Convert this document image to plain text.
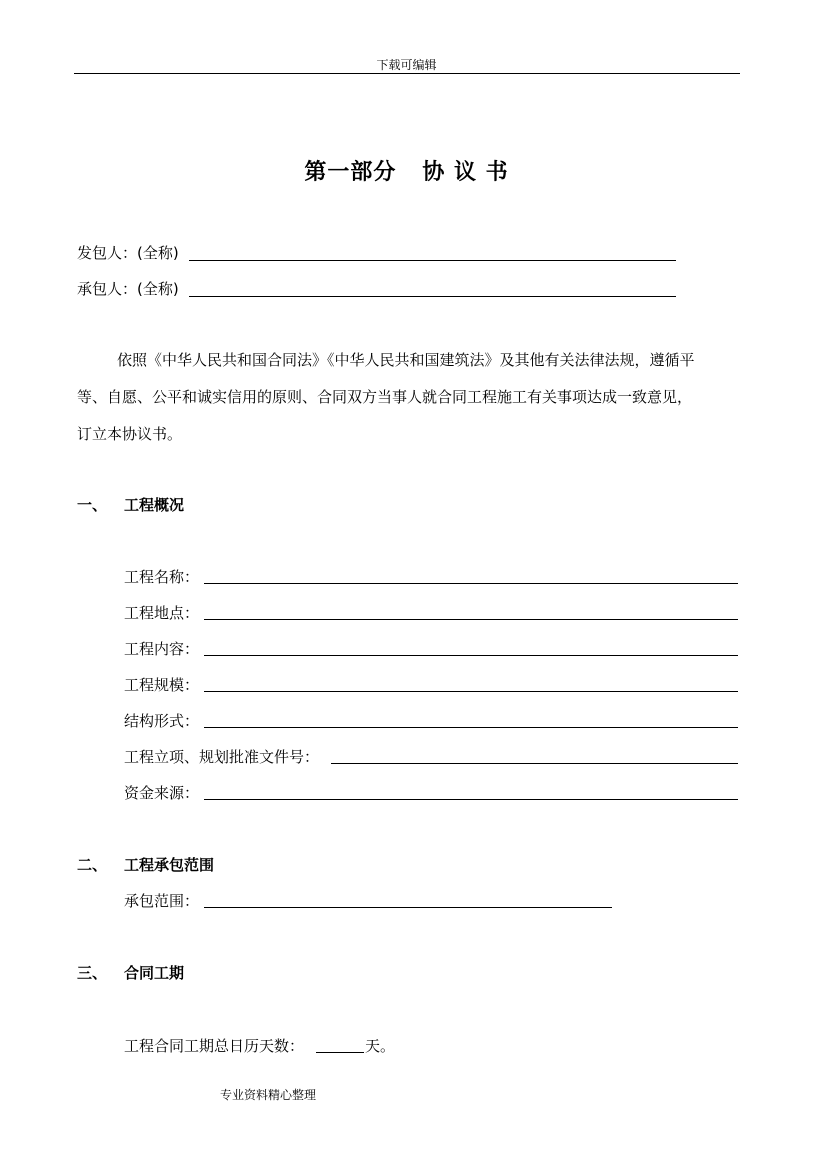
下载可编辑
第一部分 协 议 书
发包人：(全称)
承包人：(全称)
依照《中华人民共和国合同法》《中华人民共和国建筑法》及其他有关法律法规，遵循平
等、自愿、公平和诚实信用的原则、合同双方当事人就合同工程施工有关事项达成一致意见，
订立本协议书。
一、 工程概况
工程名称：
工程地点：
工程内容：
工程规模：
结构形式：
工程立项、规划批准文件号：
资金来源：
二、 工程承包范围
承包范围：
三、 合同工期
工程合同工期总日历天数：	天。
专业资料精心整理
